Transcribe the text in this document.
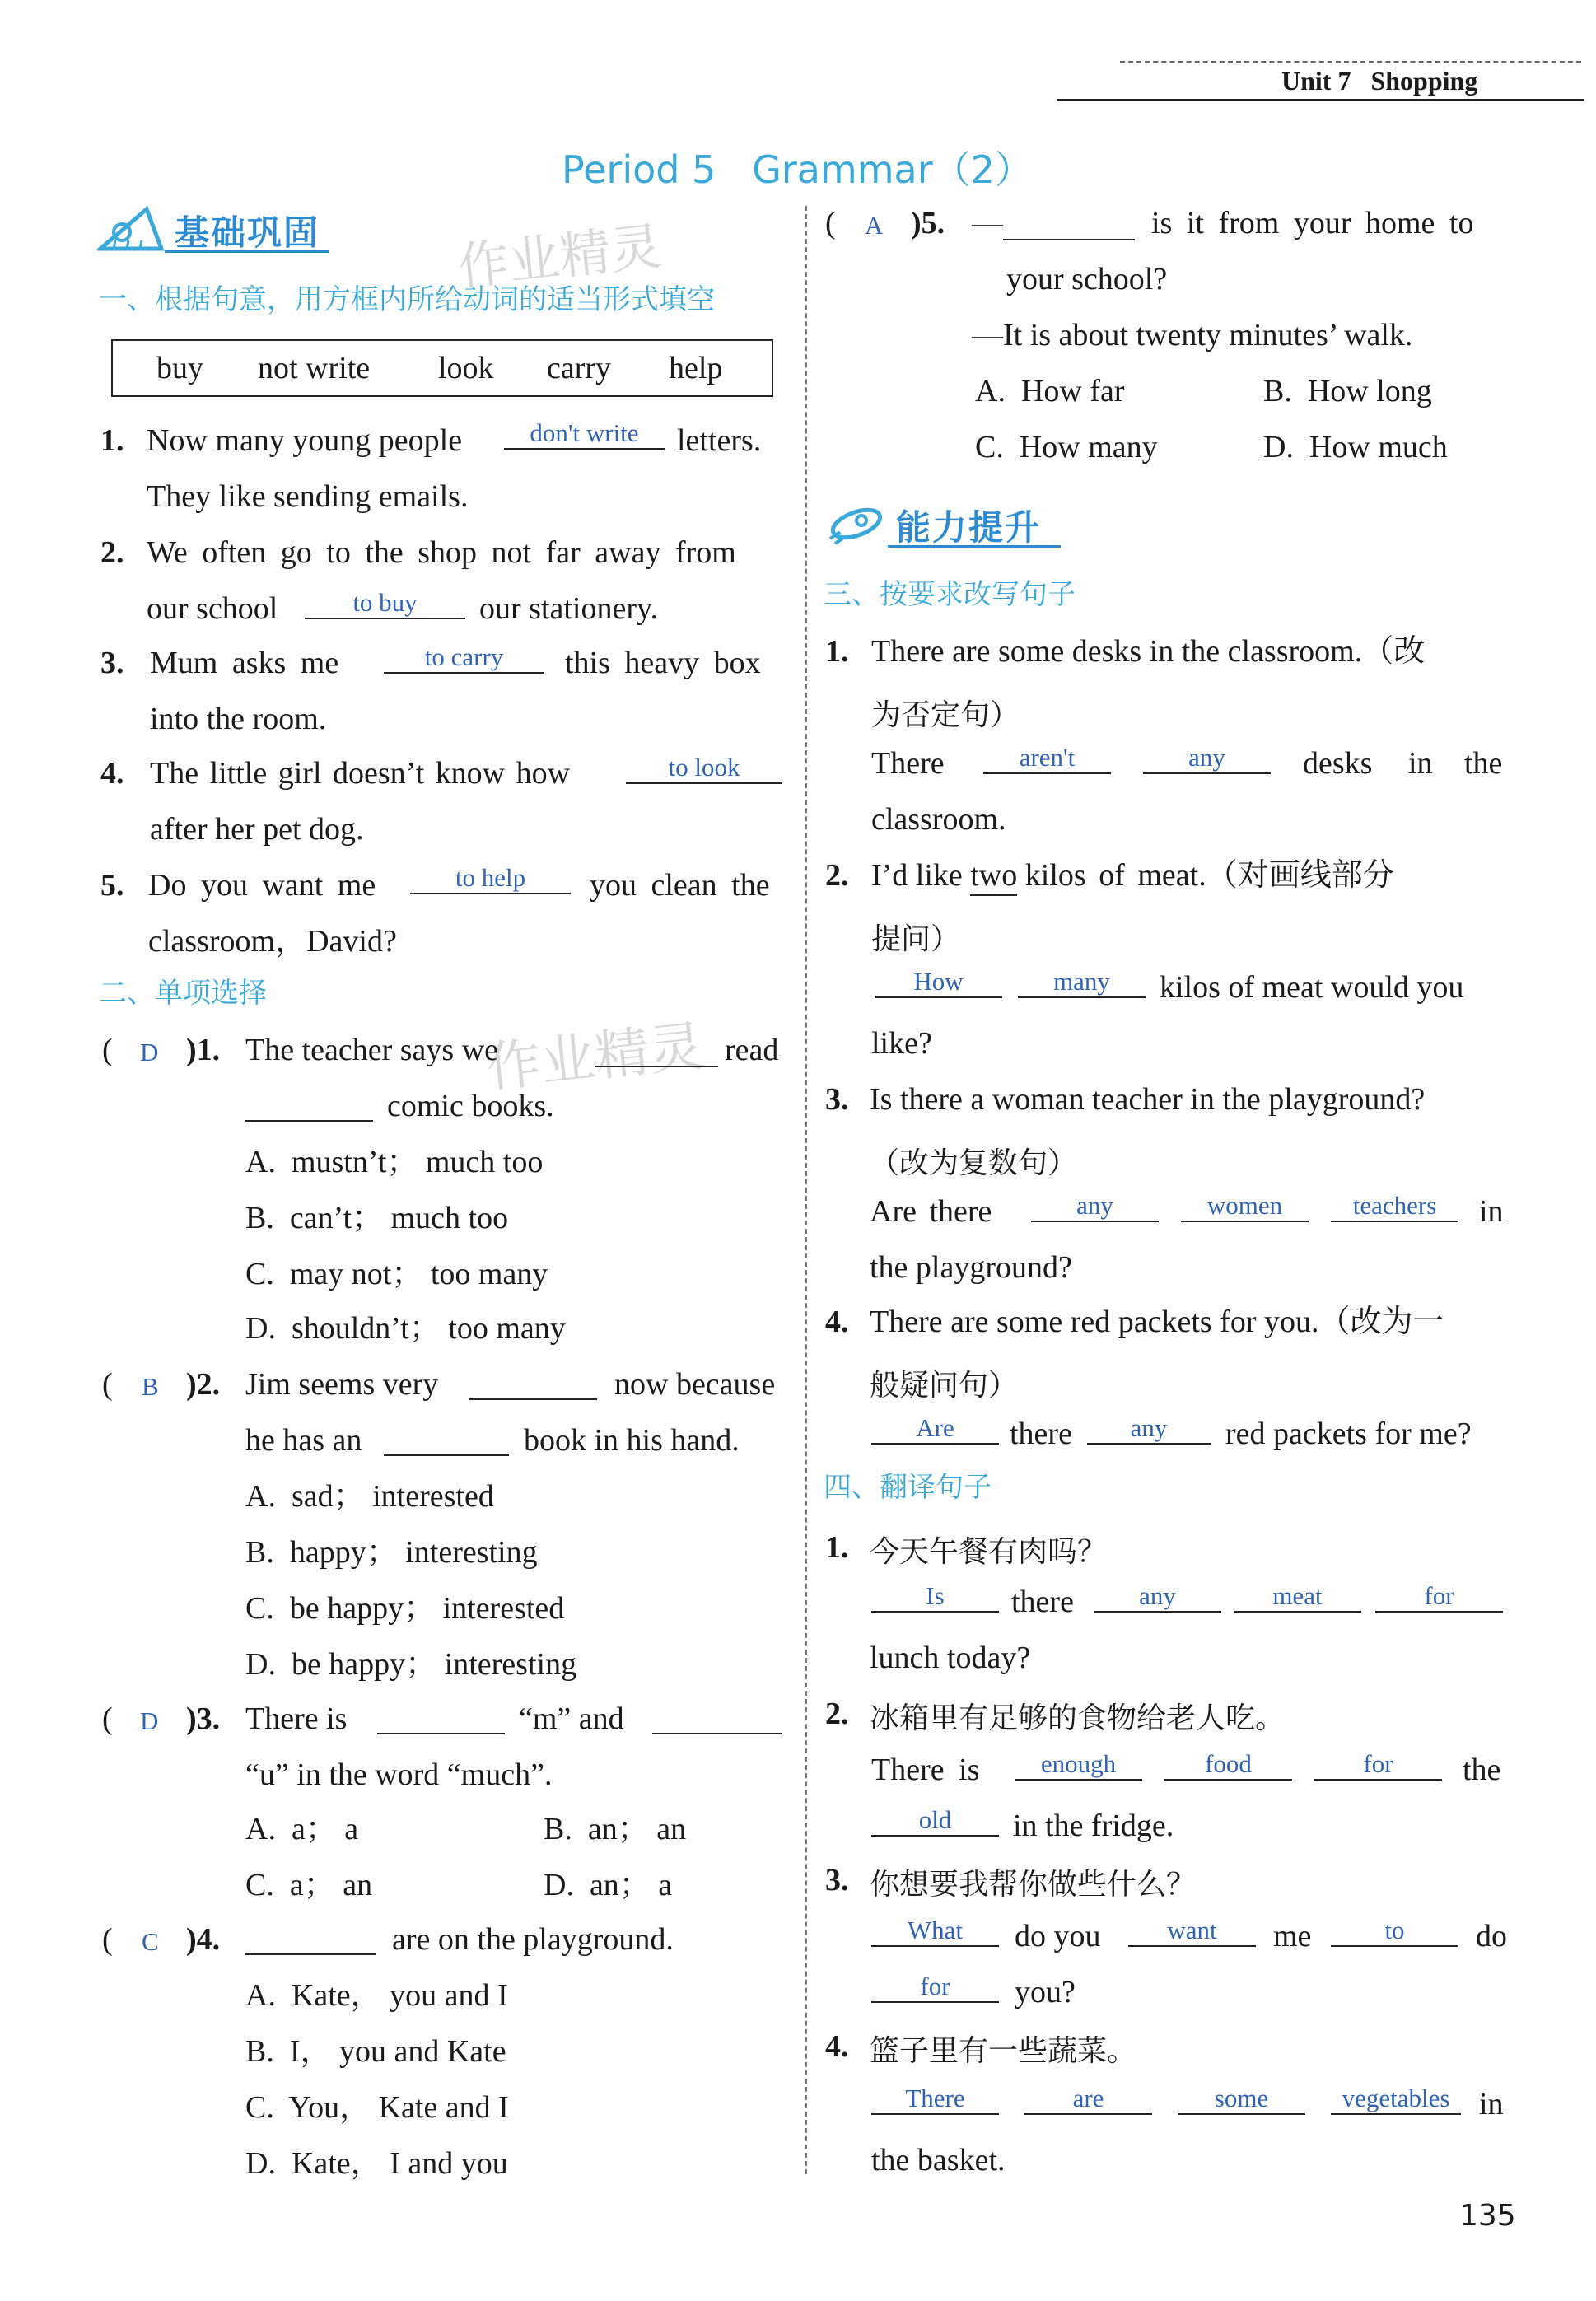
Unit 7 Shopping
Period 5   Grammar（2）
作业精灵
作业精灵
基础巩固
一、根据句意，用方框内所给动词的适当形式填空
buy not write look carry help
1. Now many young people	don't write	letters.
They like sending emails.
2. We often go to the shop not far away from
our school	to buy	our stationery.
3. Mum asks me	to carry	this heavy box
into the room.
4. The little girl doesn’t know how	to look
after her pet dog.
5. Do you want me	to help	you clean the
classroom，David?
二、单项选择
( D )1. The teacher says we	read
comic books.
A.  mustn’t； much too
B.  can’t； much too
C.  may not； too many
D.  shouldn’t； too many
( B )2. Jim seems very	now because
he has an	book in his hand.
A.  sad； interested
B.  happy； interesting
C.  be happy； interested
D.  be happy； interesting
( D )3. There is	“m” and
“u” in the word “much”.
A.  a； a	B.  an； an
C.  a； an	D.  an； a
( C )4.	are on the playground.
A.  Kate， you and I
B.  I， you and Kate
C.  You， Kate and I
D.  Kate， I and you
( A )5. —	is it from your home to
your school?
—It is about twenty minutes’ walk.
A.  How far	B.  How long
C.  How many	D.  How much
能力提升
三、按要求改写句子
1. There are some desks in the classroom.（改
为否定句）
There	aren't	any	desks in the
classroom.
2. I’d like two kilos of meat.（对画线部分
提问）
How	many	kilos of meat would you
like?
3. Is there a woman teacher in the playground?
（改为复数句）
Are there	any	women	teachers	in
the playground?
4. There are some red packets for you.（改为一
般疑问句）
Are	there	any	red packets for me?
四、翻译句子
1. 今天午餐有肉吗？
Is	there	any	meat	for
lunch today?
2. 冰箱里有足够的食物给老人吃。
There is	enough	food	for	the
old	in the fridge.
3. 你想要我帮你做些什么？
What	do you	want	me	to	do
for	you?
4. 篮子里有一些蔬菜。
There	are	some	vegetables in
the basket.
135
